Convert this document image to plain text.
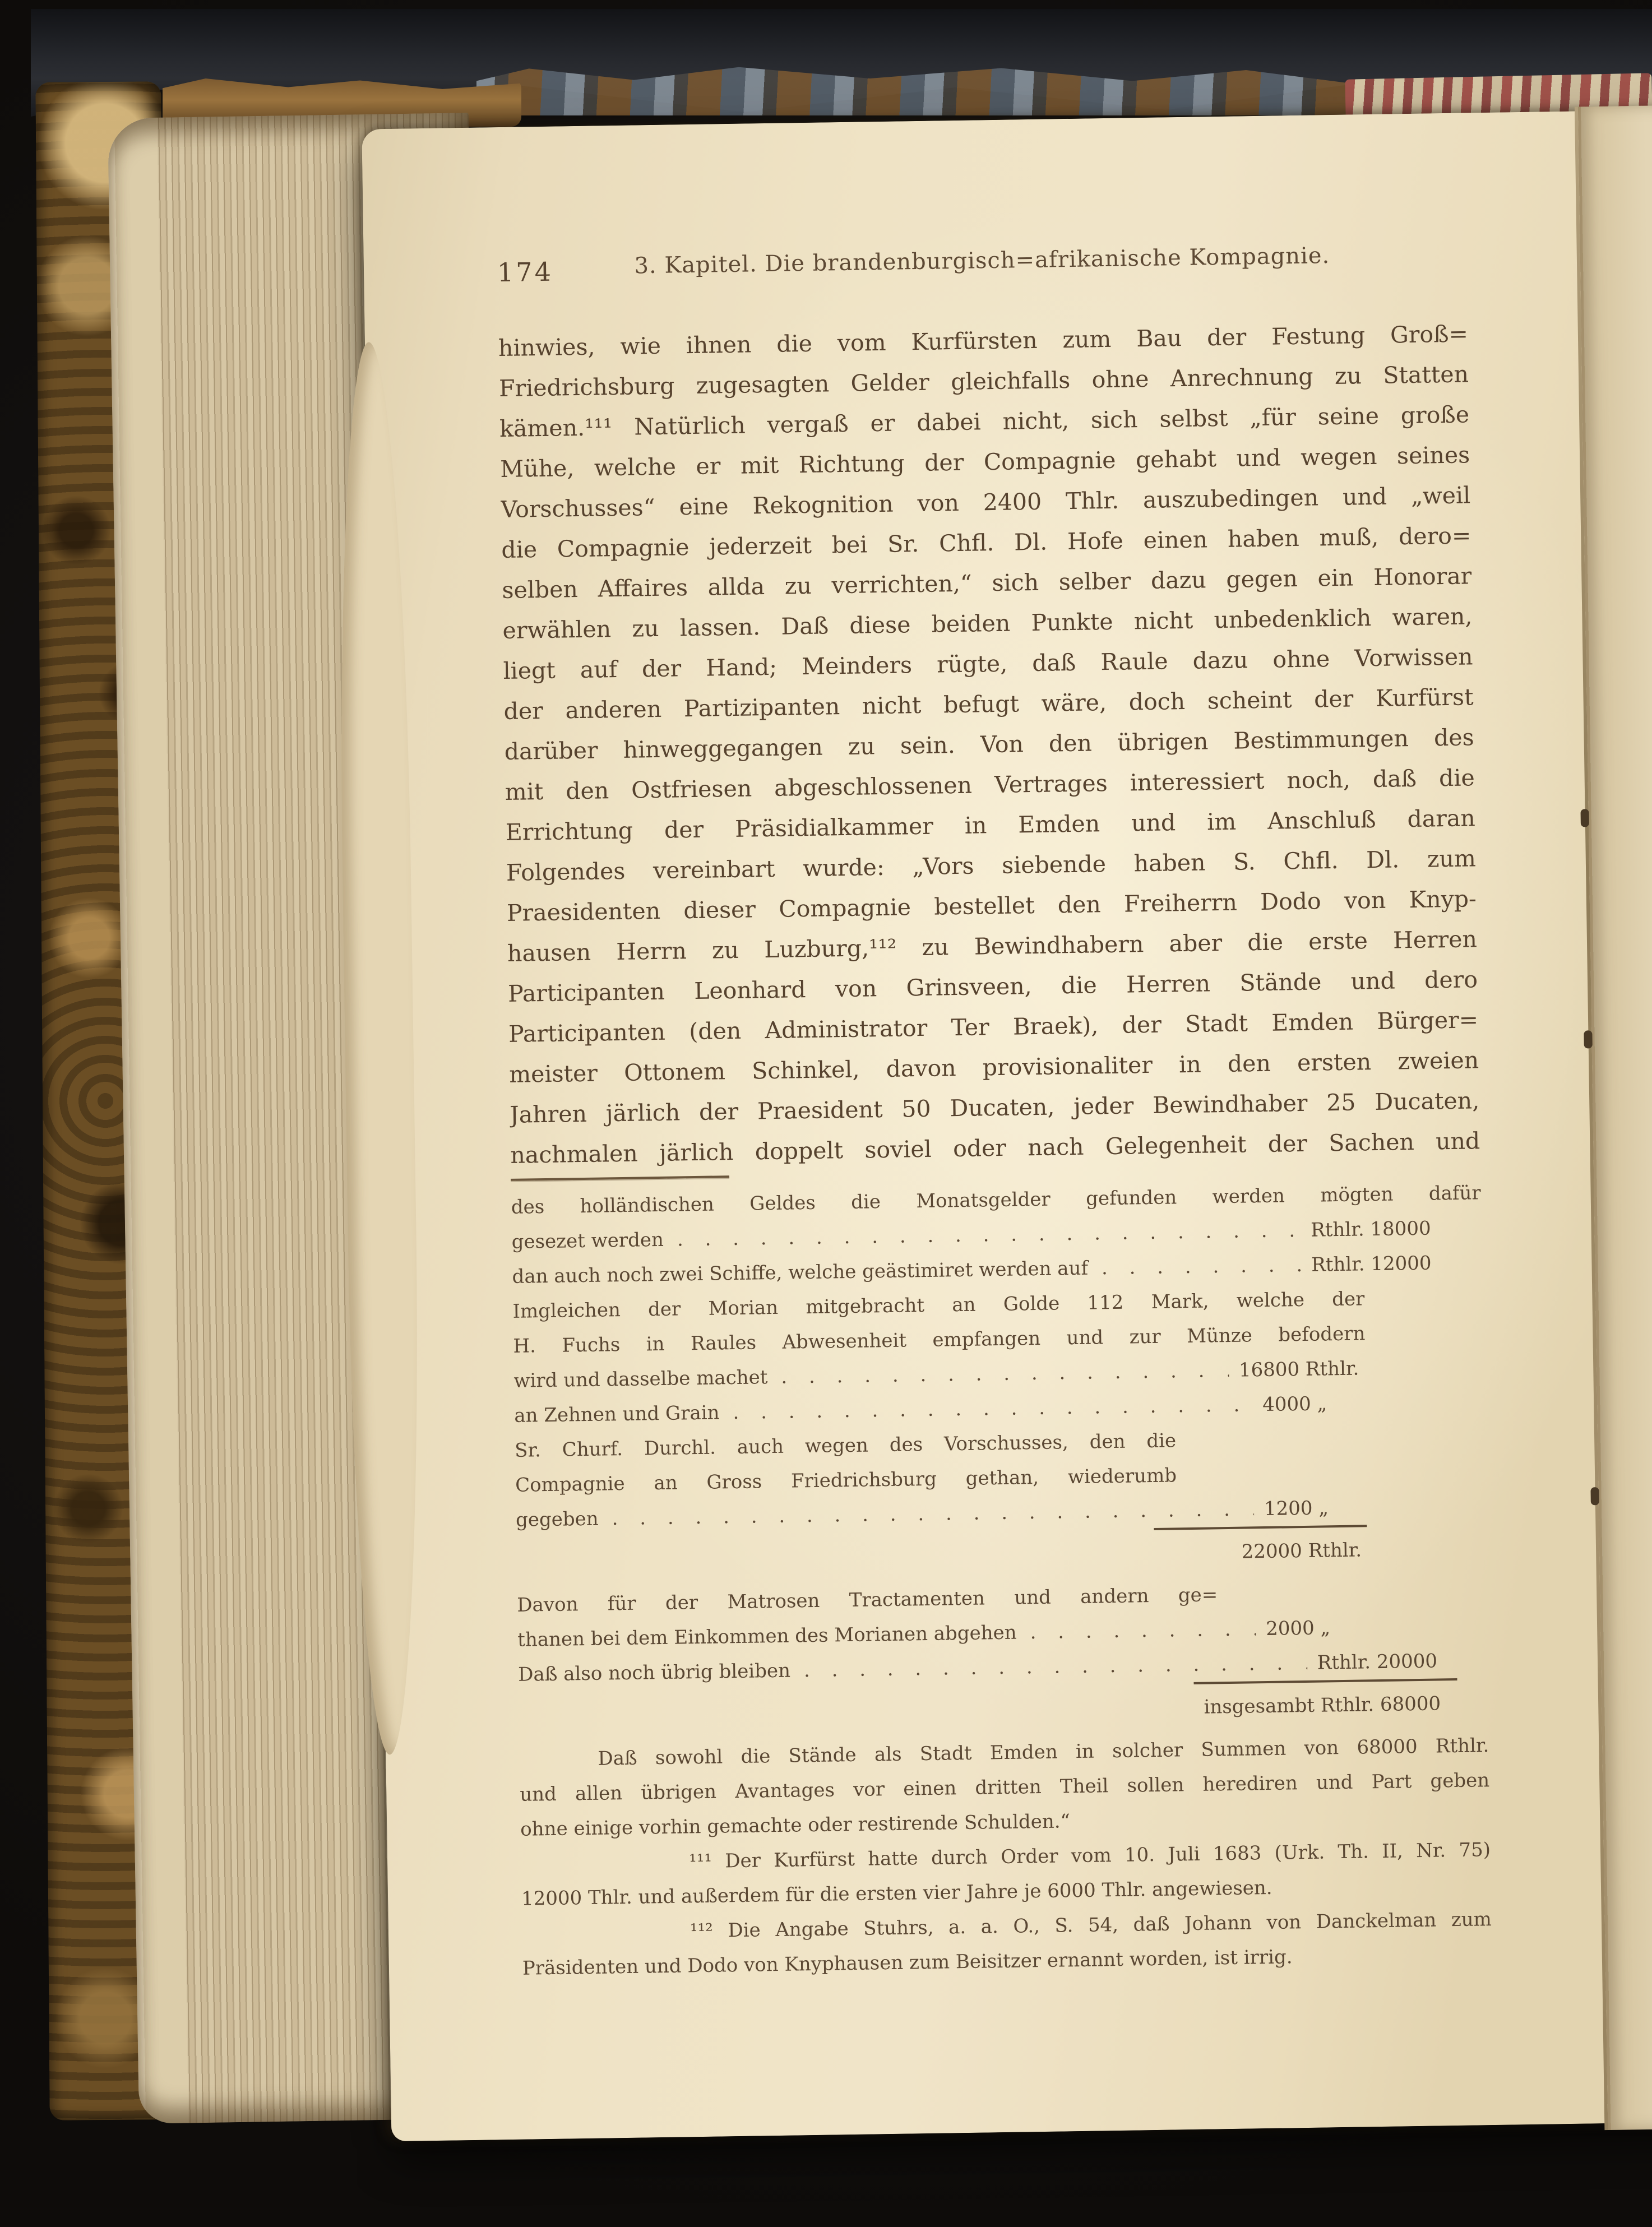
174	3. Kapitel. Die brandenburgisch=afrikanische Kompagnie.
hinwies, wie ihnen die vom Kurfürsten zum Bau der Festung Groß=
Friedrichsburg zugesagten Gelder gleichfalls ohne Anrechnung zu Statten
kämen.¹¹¹ Natürlich vergaß er dabei nicht, sich selbst „für seine große
Mühe, welche er mit Richtung der Compagnie gehabt und wegen seines
Vorschusses“ eine Rekognition von 2400 Thlr. auszubedingen und „weil
die Compagnie jederzeit bei Sr. Chfl. Dl. Hofe einen haben muß, dero=
selben Affaires allda zu verrichten,“ sich selber dazu gegen ein Honorar
erwählen zu lassen. Daß diese beiden Punkte nicht unbedenklich waren,
liegt auf der Hand; Meinders rügte, daß Raule dazu ohne Vorwissen
der anderen Partizipanten nicht befugt wäre, doch scheint der Kurfürst
darüber hinweggegangen zu sein. Von den übrigen Bestimmungen des
mit den Ostfriesen abgeschlossenen Vertrages interessiert noch, daß die
Errichtung der Präsidialkammer in Emden und im Anschluß daran
Folgendes vereinbart wurde: „Vors siebende haben S. Chfl. Dl. zum
Praesidenten dieser Compagnie bestellet den Freiherrn Dodo von Knyp-
hausen Herrn zu Luzburg,¹¹² zu Bewindhabern aber die erste Herren
Participanten Leonhard von Grinsveen, die Herren Stände und dero
Participanten (den Administrator Ter Braek), der Stadt Emden Bürger=
meister Ottonem Schinkel, davon provisionaliter in den ersten zweien
Jahren järlich der Praesident 50 Ducaten, jeder Bewindhaber 25 Ducaten,
nachmalen järlich doppelt soviel oder nach Gelegenheit der Sachen und
des holländischen Geldes die Monatsgelder gefunden werden mögten dafür
gesezet werden . . .	Rthlr. 18000
dan auch noch zwei Schiffe, welche geästimiret werden auf . . .	Rthlr. 12000
Imgleichen der Morian mitgebracht an Golde 112 Mark, welche der
H. Fuchs in Raules Abwesenheit empfangen und zur Münze befodern
wird und dasselbe machet . . .	16800 Rthlr.
an Zehnen und Grain . . .	4000 „
Sr. Churf. Durchl. auch wegen des Vorschusses, den die
Compagnie an Gross Friedrichsburg gethan, wiederumb
gegeben . . .	1200 „
22000 Rthlr.
Davon für der Matrosen Tractamenten und andern ge=
thanen bei dem Einkommen des Morianen abgehen . . .	2000 „
Daß also noch übrig bleiben . . .	Rthlr. 20000
insgesambt Rthlr. 68000
Daß sowohl die Stände als Stadt Emden in solcher Summen von 68000 Rthlr.
und allen übrigen Avantages vor einen dritten Theil sollen herediren und Part geben
ohne einige vorhin gemachte oder restirende Schulden.“
¹¹¹ Der Kurfürst hatte durch Order vom 10. Juli 1683 (Urk. Th. II, Nr. 75)
12000 Thlr. und außerdem für die ersten vier Jahre je 6000 Thlr. angewiesen.
¹¹² Die Angabe Stuhrs, a. a. O., S. 54, daß Johann von Danckelman zum
Präsidenten und Dodo von Knyphausen zum Beisitzer ernannt worden, ist irrig.
